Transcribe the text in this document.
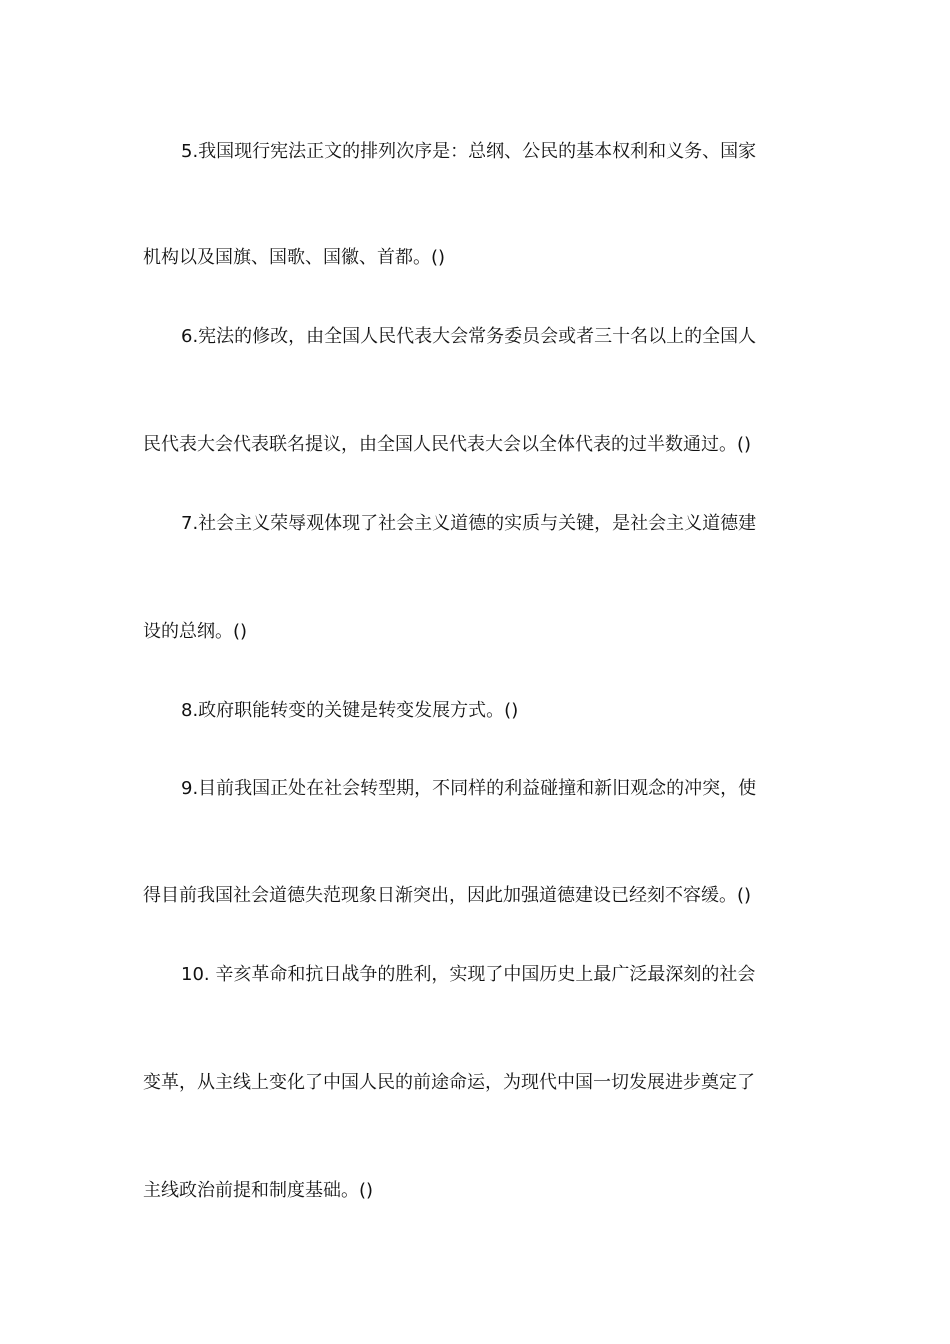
5.我国现行宪法正文的排列次序是：总纲、公民的基本权利和义务、国家
机构以及国旗、国歌、国徽、首都。()
6.宪法的修改，由全国人民代表大会常务委员会或者三十名以上的全国人
民代表大会代表联名提议，由全国人民代表大会以全体代表的过半数通过。()
7.社会主义荣辱观体现了社会主义道德的实质与关键，是社会主义道德建
设的总纲。()
8.政府职能转变的关键是转变发展方式。()
9.目前我国正处在社会转型期，不同样的利益碰撞和新旧观念的冲突，使
得目前我国社会道德失范现象日渐突出，因此加强道德建设已经刻不容缓。()
10. 辛亥革命和抗日战争的胜利，实现了中国历史上最广泛最深刻的社会
变革，从主线上变化了中国人民的前途命运，为现代中国一切发展进步奠定了
主线政治前提和制度基础。()
